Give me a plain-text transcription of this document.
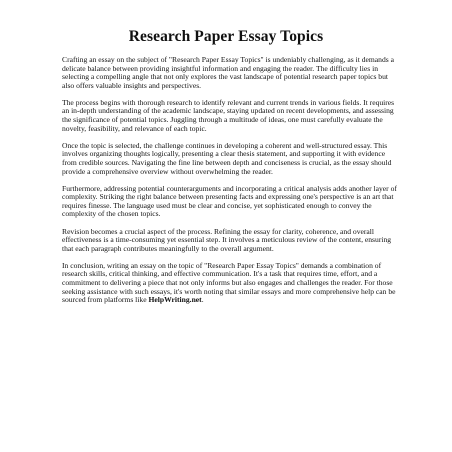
Research Paper Essay Topics

Crafting an essay on the subject of "Research Paper Essay Topics" is undeniably challenging, as it demands a delicate balance between providing insightful information and engaging the reader. The difficulty lies in selecting a compelling angle that not only explores the vast landscape of potential research paper topics but also offers valuable insights and perspectives.

The process begins with thorough research to identify relevant and current trends in various fields. It requires an in-depth understanding of the academic landscape, staying updated on recent developments, and assessing the significance of potential topics. Juggling through a multitude of ideas, one must carefully evaluate the novelty, feasibility, and relevance of each topic.

Once the topic is selected, the challenge continues in developing a coherent and well-structured essay. This involves organizing thoughts logically, presenting a clear thesis statement, and supporting it with evidence from credible sources. Navigating the fine line between depth and conciseness is crucial, as the essay should provide a comprehensive overview without overwhelming the reader.

Furthermore, addressing potential counterarguments and incorporating a critical analysis adds another layer of complexity. Striking the right balance between presenting facts and expressing one's perspective is an art that requires finesse. The language used must be clear and concise, yet sophisticated enough to convey the complexity of the chosen topics.

Revision becomes a crucial aspect of the process. Refining the essay for clarity, coherence, and overall effectiveness is a time-consuming yet essential step. It involves a meticulous review of the content, ensuring that each paragraph contributes meaningfully to the overall argument.

In conclusion, writing an essay on the topic of "Research Paper Essay Topics" demands a combination of research skills, critical thinking, and effective communication. It's a task that requires time, effort, and a commitment to delivering a piece that not only informs but also engages and challenges the reader. For those seeking assistance with such essays, it's worth noting that similar essays and more comprehensive help can be sourced from platforms like HelpWriting.net.
